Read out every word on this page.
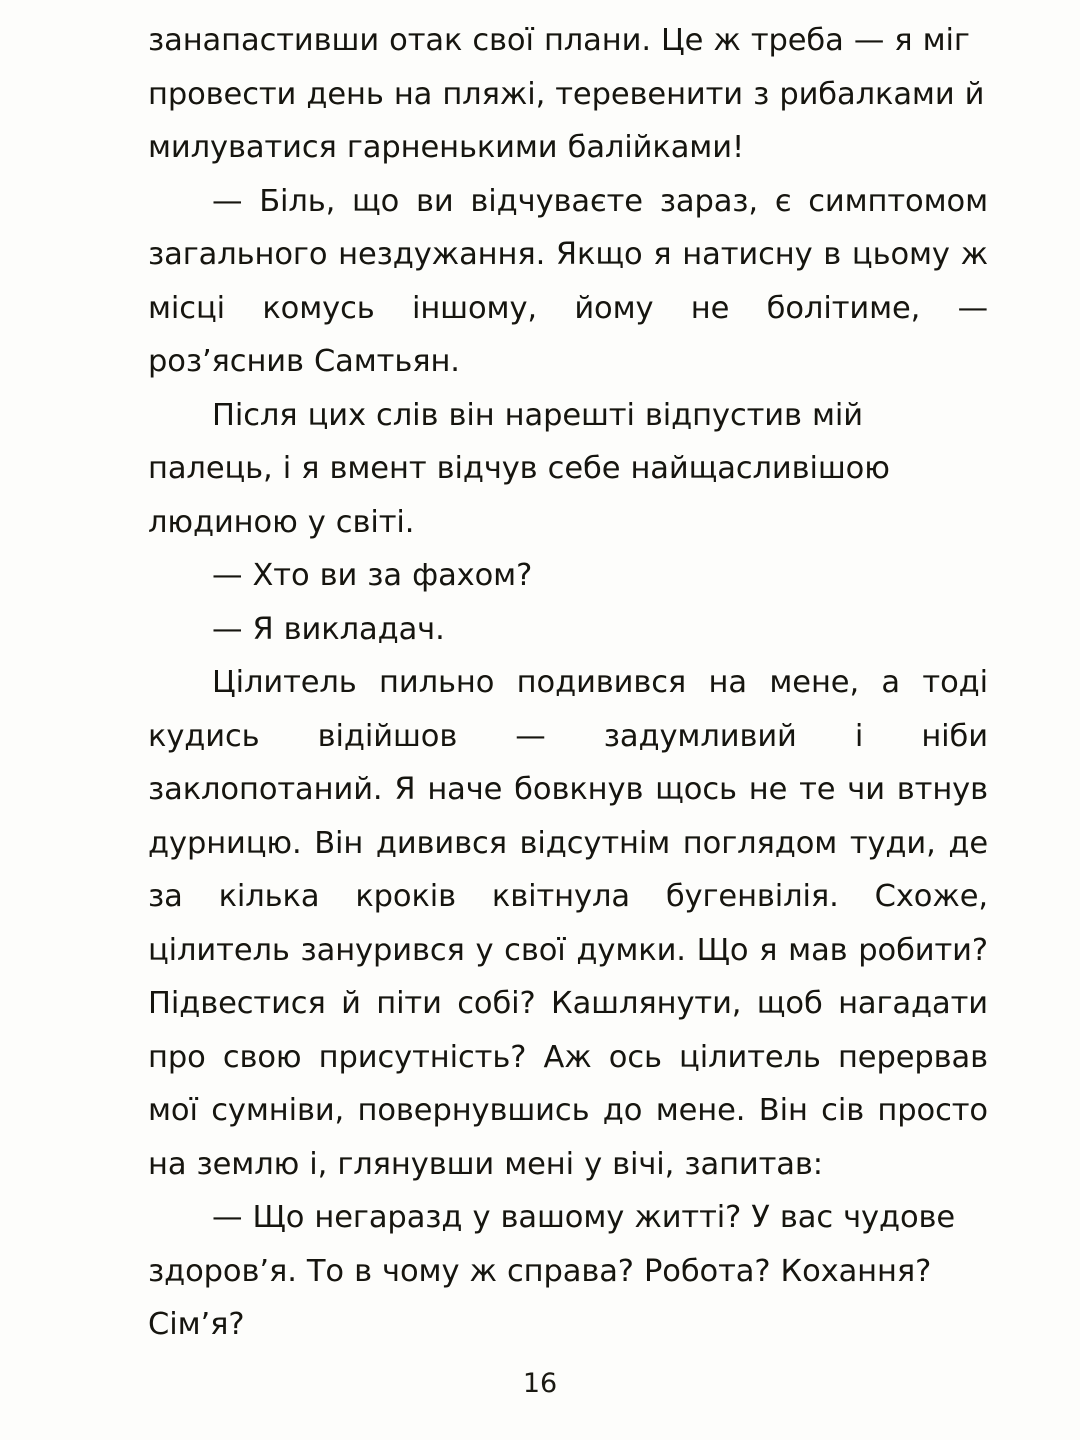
занапастивши отак свої плани. Це ж треба — я міг провести день на пляжі, теревенити з рибалками й милуватися гарненькими балійками!

— Біль, що ви відчуваєте зараз, є симптомом загального нездужання. Якщо я натисну в цьому ж місці комусь іншому, йому не болітиме, — роз’яснив Самтьян.

Після цих слів він нарешті відпустив мій палець, і я вмент відчув себе найщасливішою людиною у світі.

— Хто ви за фахом?

— Я викладач.

Цілитель пильно подивився на мене, а тоді кудись відійшов — задумливий і ніби заклопотаний. Я наче бовкнув щось не те чи втнув дурницю. Він дивився відсутнім поглядом туди, де за кілька кроків квітнула бугенвілія. Схоже, цілитель занурився у свої думки. Що я мав робити? Підвестися й піти собі? Кашлянути, щоб нагадати про свою присутність? Аж ось цілитель перервав мої сумніви, повернувшись до мене. Він сів просто на землю і, глянувши мені у вічі, запитав:

— Що негаразд у вашому житті? У вас чудове здоров’я. То в чому ж справа? Робота? Кохання? Сім’я?

16
